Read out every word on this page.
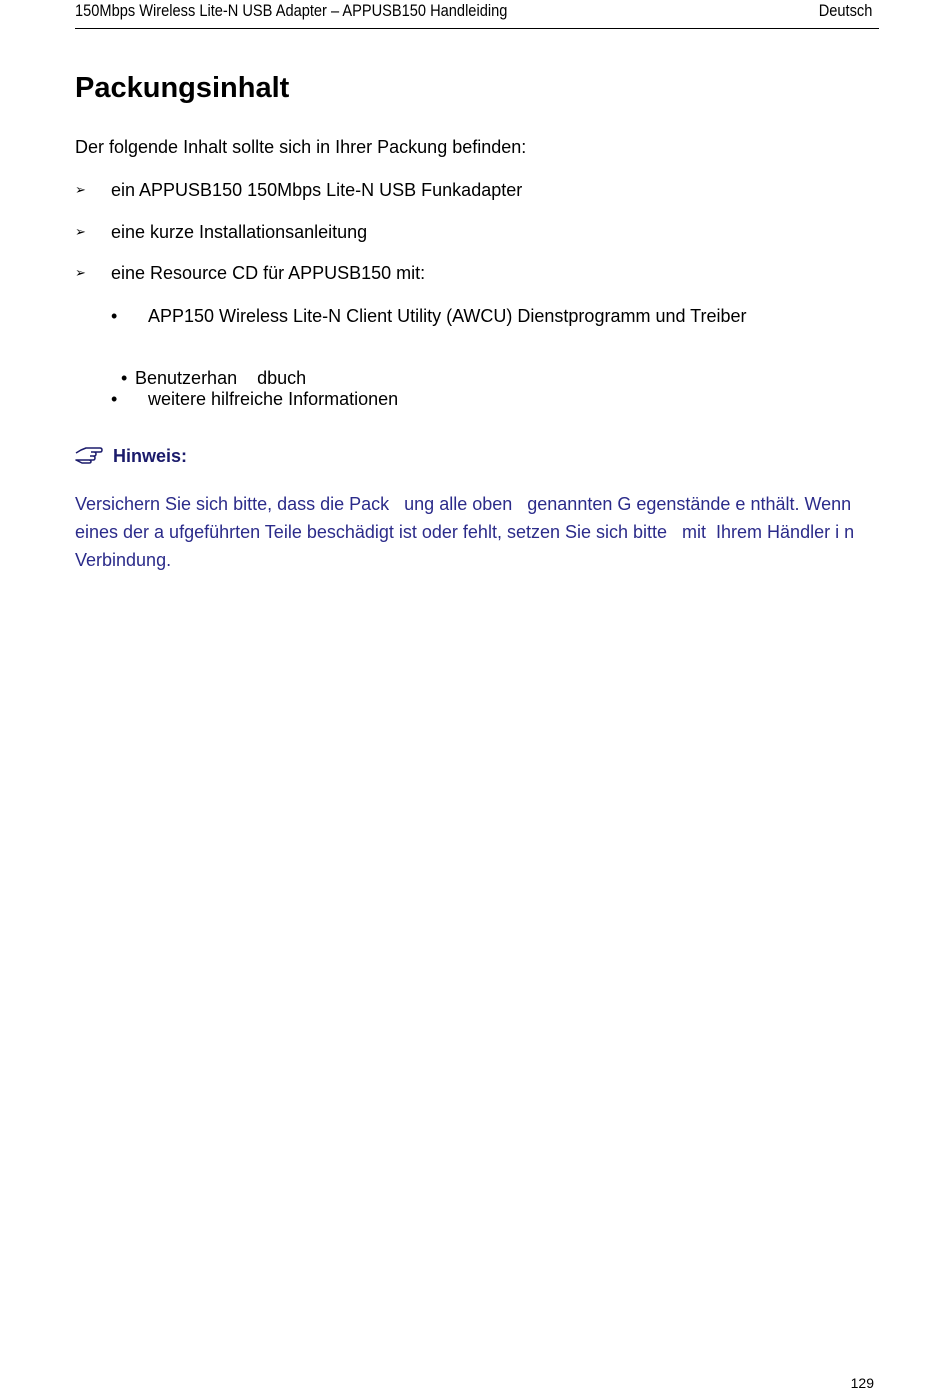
150Mbps Wireless Lite-N USB Adapter – APPUSB150 Handleiding	Deutsch
Packungsinhalt

Der folgende Inhalt sollte sich in Ihrer Packung befinden:

➢ ein APPUSB150 150Mbps Lite-N USB Funkadapter
➢ eine kurze Installationsanleitung
➢ eine Resource CD für APPUSB150 mit:
• APP150 Wireless Lite-N Client Utility (AWCU) Dienstprogramm und Treiber

• Benutzerhan    dbuch

• weitere hilfreiche Informationen
Hinweis:

Versichern Sie sich bitte, dass die Pack   ung alle oben   genannten G egenstände e nthält. Wenn eines der a ufgeführten Teile beschädigt ist oder fehlt, setzen Sie sich bitte   mit  Ihrem Händler i n Verbindung.

129
